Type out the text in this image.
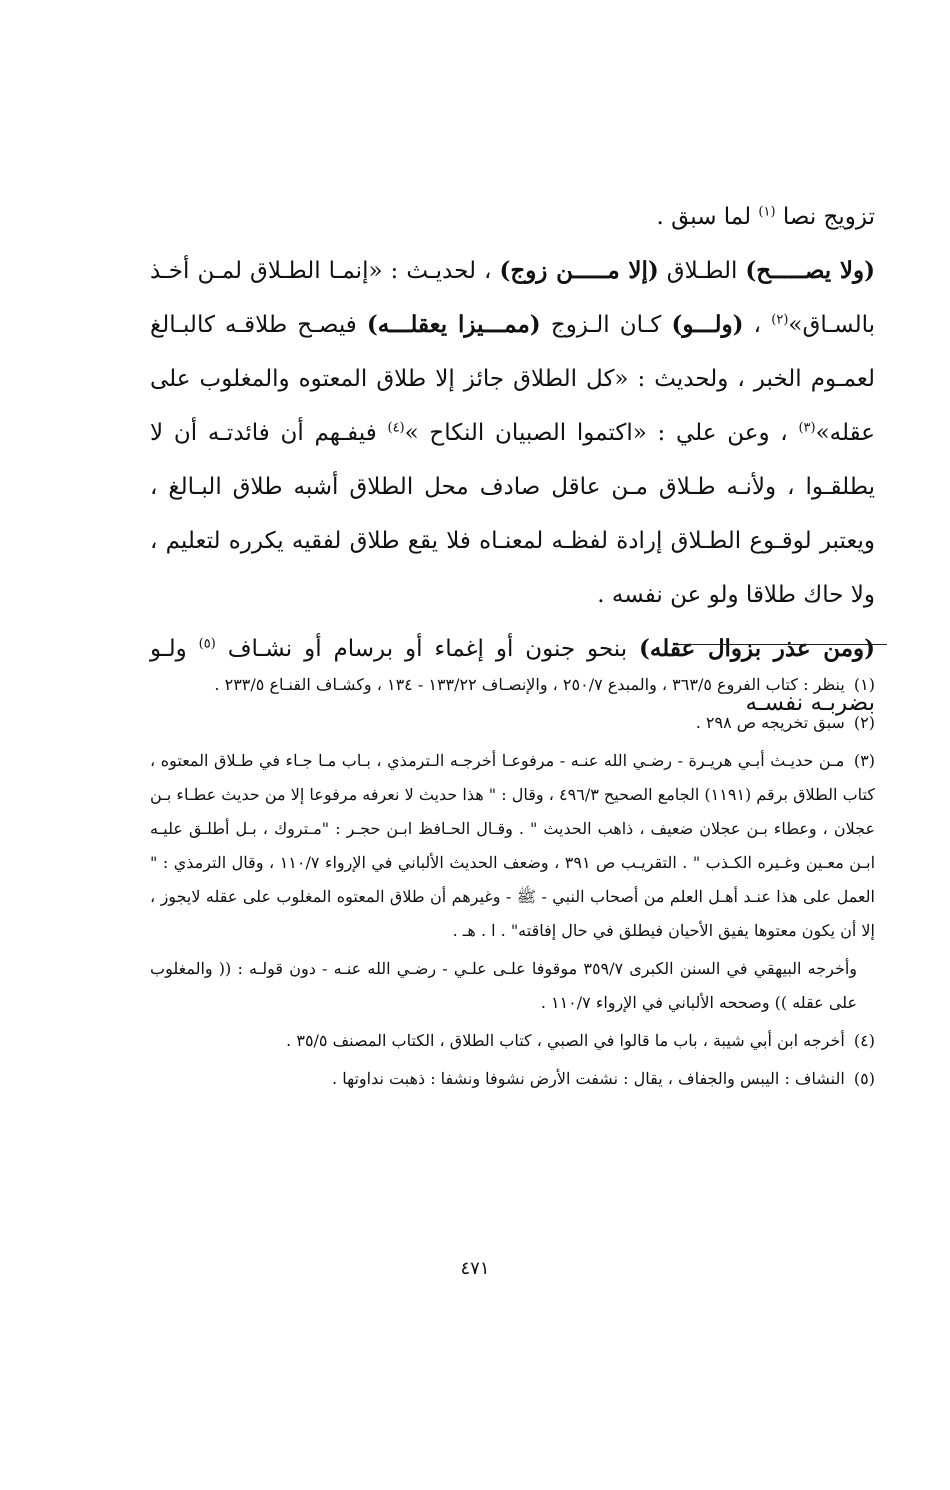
تزويج نصا $^{(١)}$ لما سبق .

(ولا يصـــــح) الطـلاق (إلا مـــــن زوج) ، لحديـث : «إنمـا الطـلاق لمـن أخـذ بالسـاق»$^{(٢)}$ ، (ولـــو) كـان الـزوج (ممـــيزا يعقلـــه) فيصـح طلاقـه كالبـالغ لعمـوم الخبر ، ولحديث : «كل الطلاق جائز إلا طلاق المعتوه والمغلوب على عقله»$^{(٣)}$ ، وعن علي : «اكتموا الصبيان النكاح »$^{(٤)}$ فيفـهم أن فائدتـه أن لا يطلقـوا ، ولأنـه طـلاق مـن عاقل صادف محل الطلاق أشبه طلاق البـالغ ، ويعتبر لوقـوع الطـلاق إرادة لفظـه لمعنـاه فلا يقع طلاق لفقيه يكرره لتعليم ، ولا حاك طلاقا ولو عن نفسه .

(ومن عذر بزوال عقله) بنحو جنون أو إغماء أو برسام أو نشـاف $^{(٥)}$ ولـو بضربـه نفسـه

(١) ينظر : كتاب الفروع ٣٦٣/٥ ، والمبدع ٢٥٠/٧ ، والإنصـاف ١٣٣/٢٢ - ١٣٤ ، وكشـاف القنـاع ٢٣٣/٥ .

(٢) سبق تخريجه ص ٢٩٨ .

(٣) مـن حديـث أبـي هريـرة - رضـي الله عنـه - مرفوعـا أخرجـه الـترمذي ، بـاب مـا جـاء في طـلاق المعتوه ، كتاب الطلاق برقم (١١٩١) الجامع الصحيح ٤٩٦/٣ ، وقال : " هذا حديث لا نعرفه مرفوعا إلا من حديث عطـاء بـن عجلان ، وعطاء بـن عجلان ضعيف ، ذاهب الحديث " . وقـال الحـافظ ابـن حجـر : "مـتروك ، بـل أطلـق عليـه ابـن معـين وغـيره الكـذب " . التقريـب ص ٣٩١ ، وضعف الحديث الألباني في الإرواء ١١٠/٧ ، وقال الترمذي : " العمل على هذا عنـد أهـل العلم من أصحاب النبي - ﷺ - وغيرهم أن طلاق المعتوه المغلوب على عقله لايجوز ، إلا أن يكون معتوها يفيق الأحيان فيطلق في حال إفاقته" . ا . هـ .

وأخرجه البيهقي في السنن الكبرى ٣٥٩/٧ موقوفا علـى علـي - رضـي الله عنـه - دون قولـه : (( والمغلوب على عقله )) وصححه الألباني في الإرواء ١١٠/٧ .

(٤) أخرجه ابن أبي شيبة ، باب ما قالوا في الصبي ، كتاب الطلاق ، الكتاب المصنف ٣٥/٥ .

(٥) النشاف : اليبس والجفاف ، يقال : نشفت الأرض نشوفا ونشفا : ذهبت نداوتها .

٤٧١
